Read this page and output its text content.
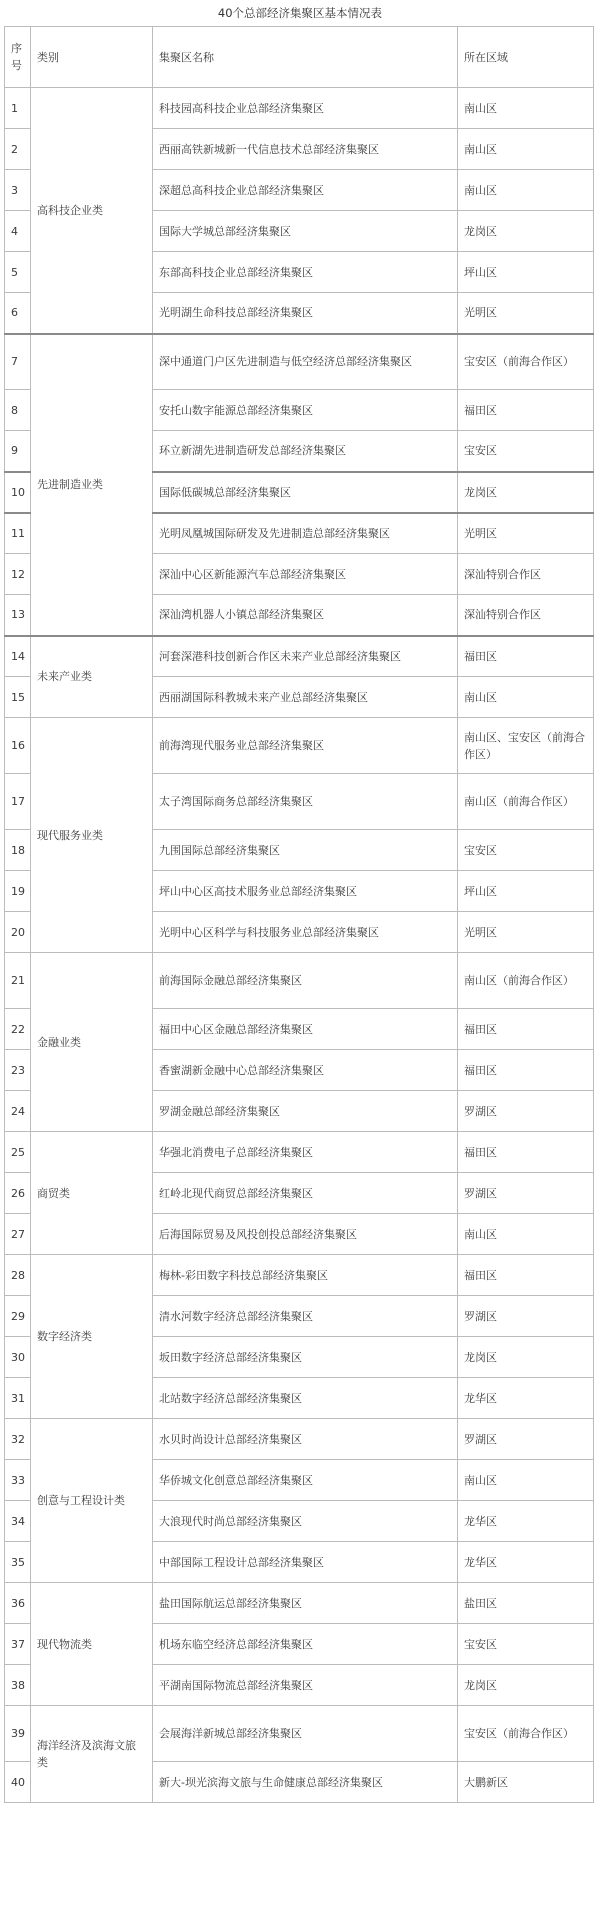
40个总部经济集聚区基本情况表
序号	类别	集聚区名称	所在区域
1	高科技企业类	科技园高科技企业总部经济集聚区	南山区
2		西丽高铁新城新一代信息技术总部经济集聚区	南山区
3		深超总高科技企业总部经济集聚区	南山区
4		国际大学城总部经济集聚区	龙岗区
5		东部高科技企业总部经济集聚区	坪山区
6		光明湖生命科技总部经济集聚区	光明区
7	先进制造业类	深中通道门户区先进制造与低空经济总部经济集聚区	宝安区（前海合作区）
8		安托山数字能源总部经济集聚区	福田区
9		环立新湖先进制造研发总部经济集聚区	宝安区
10		国际低碳城总部经济集聚区	龙岗区
11		光明凤凰城国际研发及先进制造总部经济集聚区	光明区
12		深汕中心区新能源汽车总部经济集聚区	深汕特别合作区
13		深汕湾机器人小镇总部经济集聚区	深汕特别合作区
14	未来产业类	河套深港科技创新合作区未来产业总部经济集聚区	福田区
15		西丽湖国际科教城未来产业总部经济集聚区	南山区
16	现代服务业类	前海湾现代服务业总部经济集聚区	南山区、宝安区（前海合作区）
17		太子湾国际商务总部经济集聚区	南山区（前海合作区）
18		九围国际总部经济集聚区	宝安区
19		坪山中心区高技术服务业总部经济集聚区	坪山区
20		光明中心区科学与科技服务业总部经济集聚区	光明区
21	金融业类	前海国际金融总部经济集聚区	南山区（前海合作区）
22		福田中心区金融总部经济集聚区	福田区
23		香蜜湖新金融中心总部经济集聚区	福田区
24		罗湖金融总部经济集聚区	罗湖区
25	商贸类	华强北消费电子总部经济集聚区	福田区
26		红岭北现代商贸总部经济集聚区	罗湖区
27		后海国际贸易及风投创投总部经济集聚区	南山区
28	数字经济类	梅林-彩田数字科技总部经济集聚区	福田区
29		清水河数字经济总部经济集聚区	罗湖区
30		坂田数字经济总部经济集聚区	龙岗区
31		北站数字经济总部经济集聚区	龙华区
32	创意与工程设计类	水贝时尚设计总部经济集聚区	罗湖区
33		华侨城文化创意总部经济集聚区	南山区
34		大浪现代时尚总部经济集聚区	龙华区
35		中部国际工程设计总部经济集聚区	龙华区
36	现代物流类	盐田国际航运总部经济集聚区	盐田区
37		机场东临空经济总部经济集聚区	宝安区
38		平湖南国际物流总部经济集聚区	龙岗区
39	海洋经济及滨海文旅类	会展海洋新城总部经济集聚区	宝安区（前海合作区）
40		新大-坝光滨海文旅与生命健康总部经济集聚区	大鹏新区
